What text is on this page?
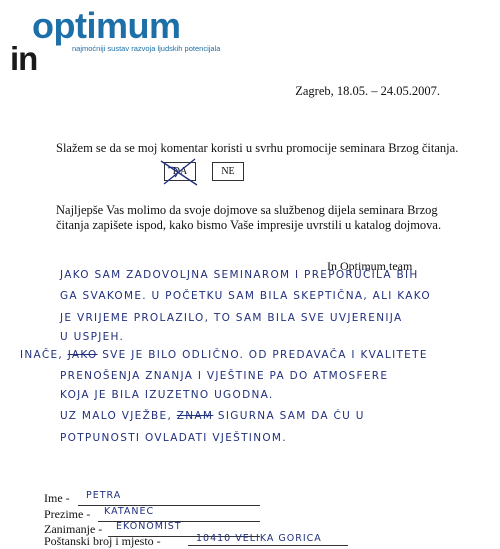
optimum
in	najmoćniji sustav razvoja ljudskih potencijala
Zagreb, 18.05. – 24.05.2007.
Slažem se da se moj komentar koristi u svrhu promocije seminara Brzog čitanja.
DA	NE
Najljepše Vas molimo da svoje dojmove sa službenog dijela seminara Brzog
čitanja zapišete ispod, kako bismo Vaše impresije uvrstili u katalog dojmova.
In Optimum team
JAKO SAM ZADOVOLJNA SEMINAROM I PREPORUČILA BIH
GA SVAKOME. U POČETKU SAM BILA SKEPTIČNA, ALI KAKO
JE VRIJEME PROLAZILO, TO SAM BILA SVE UVJERENIJA
U USPJEH.
INAČE, JAKO SVE JE BILO ODLIČNO. OD PREDAVAČA I KVALITETE
PRENOŠENJA ZNANJA I VJEŠTINE PA DO ATMOSFERE
KOJA JE BILA IZUZETNO UGODNA.
UZ MALO VJEŽBE, ZNAM SIGURNA SAM DA ĆU U
POTPUNOSTI OVLADATI VJEŠTINOM.
Ime - PETRA
Prezime - KATANEC
Zanimanje - EKONOMIST
Poštanski broj i mjesto -	10410 VELIKA GORICA
